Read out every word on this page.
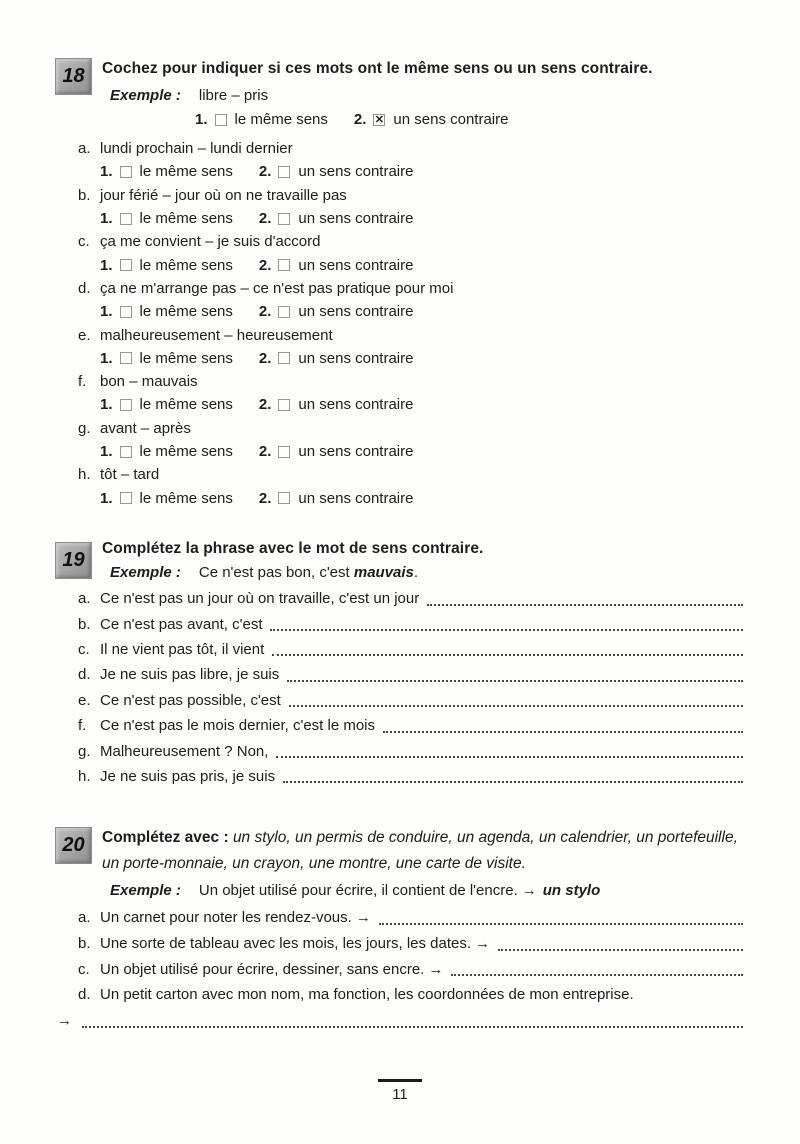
18 Cochez pour indiquer si ces mots ont le même sens ou un sens contraire.
Exemple : libre – pris
1. le même sens 2. ✕ un sens contraire
a. lundi prochain – lundi dernier
1. le même sens 2. un sens contraire
b. jour férié – jour où on ne travaille pas
1. le même sens 2. un sens contraire
c. ça me convient – je suis d'accord
1. le même sens 2. un sens contraire
d. ça ne m'arrange pas – ce n'est pas pratique pour moi
1. le même sens 2. un sens contraire
e. malheureusement – heureusement
1. le même sens 2. un sens contraire
f. bon – mauvais
1. le même sens 2. un sens contraire
g. avant – après
1. le même sens 2. un sens contraire
h. tôt – tard
1. le même sens 2. un sens contraire
19
Complétez la phrase avec le mot de sens contraire.
Exemple : Ce n'est pas bon, c'est mauvais.
a. Ce n'est pas un jour où on travaille, c'est un jour
b. Ce n'est pas avant, c'est
c. Il ne vient pas tôt, il vient
d. Je ne suis pas libre, je suis
e. Ce n'est pas possible, c'est
f. Ce n'est pas le mois dernier, c'est le mois
g. Malheureusement ? Non,
h. Je ne suis pas pris, je suis
20 Complétez avec : un stylo, un permis de conduire, un agenda, un calendrier, un portefeuille, un porte-monnaie, un crayon, une montre, une carte de visite.
Exemple : Un objet utilisé pour écrire, il contient de l'encre. → un stylo
a. Un carnet pour noter les rendez-vous. →
b. Une sorte de tableau avec les mois, les jours, les dates. →
c. Un objet utilisé pour écrire, dessiner, sans encre. →
d. Un petit carton avec mon nom, ma fonction, les coordonnées de mon entreprise.
→
11
